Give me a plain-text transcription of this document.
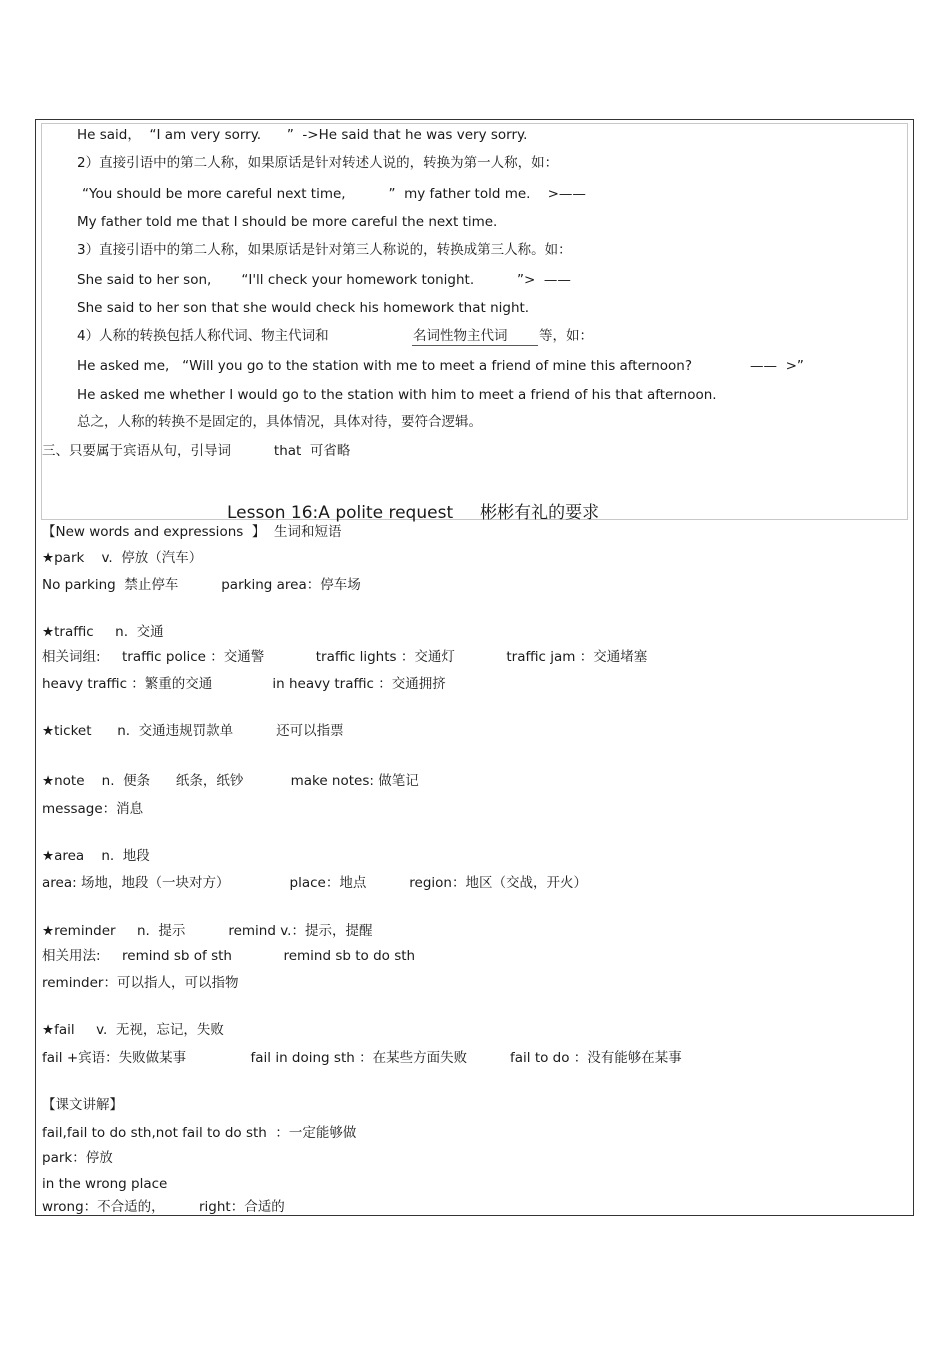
He said，  “I am very sorry.      ”  ->He said that he was very sorry.
2）直接引语中的第二人称，如果原话是针对转述人说的，转换为第一人称，如：
“You should be more careful next time,          ”  my father told me.    >——
My father told me that I should be more careful the next time.
3）直接引语中的第二人称，如果原话是针对第三人称说的，转换成第三人称。如：
She said to her son,       “I'll check your homework tonight.          ”>  ——
She said to her son that she would check his homework that night.
4）人称的转换包括人称代词、物主代词和	名词性物主代词 等，如：
He asked me,   “Will you go to the station with me to meet a friend of mine this afternoon?	——  >”
He asked me whether I would go to the station with him to meet a friend of his that afternoon.
总之，人称的转换不是固定的，具体情况，具体对待，要符合逻辑。
三、只要属于宾语从句，引导词          that  可省略
Lesson 16:A polite request     彬彬有礼的要求
【New words and expressions  】  生词和短语
★park    v.  停放（汽车）
No parking  禁止停车          parking area：停车场
★traffic     n.  交通
相关词组:     traffic police ：交通警            traffic lights ：交通灯            traffic jam ：交通堵塞
heavy traffic ：繁重的交通              in heavy traffic ：交通拥挤
★ticket      n.  交通违规罚款单          还可以指票
★note    n.  便条      纸条，纸钞           make notes: 做笔记
message：消息
★area    n.  地段
area: 场地，地段（一块对方）              place：地点          region：地区（交战，开火）
★reminder     n.  提示          remind v.：提示，提醒
相关用法:     remind sb of sth            remind sb to do sth
reminder：可以指人，可以指物
★fail     v.  无视，忘记，失败
fail +宾语：失败做某事               fail in doing sth ：在某些方面失败          fail to do ：没有能够在某事
【课文讲解】
fail,fail to do sth,not fail to do sth  ：一定能够做
park：停放
in the wrong place
wrong：不合适的，        right：合适的
